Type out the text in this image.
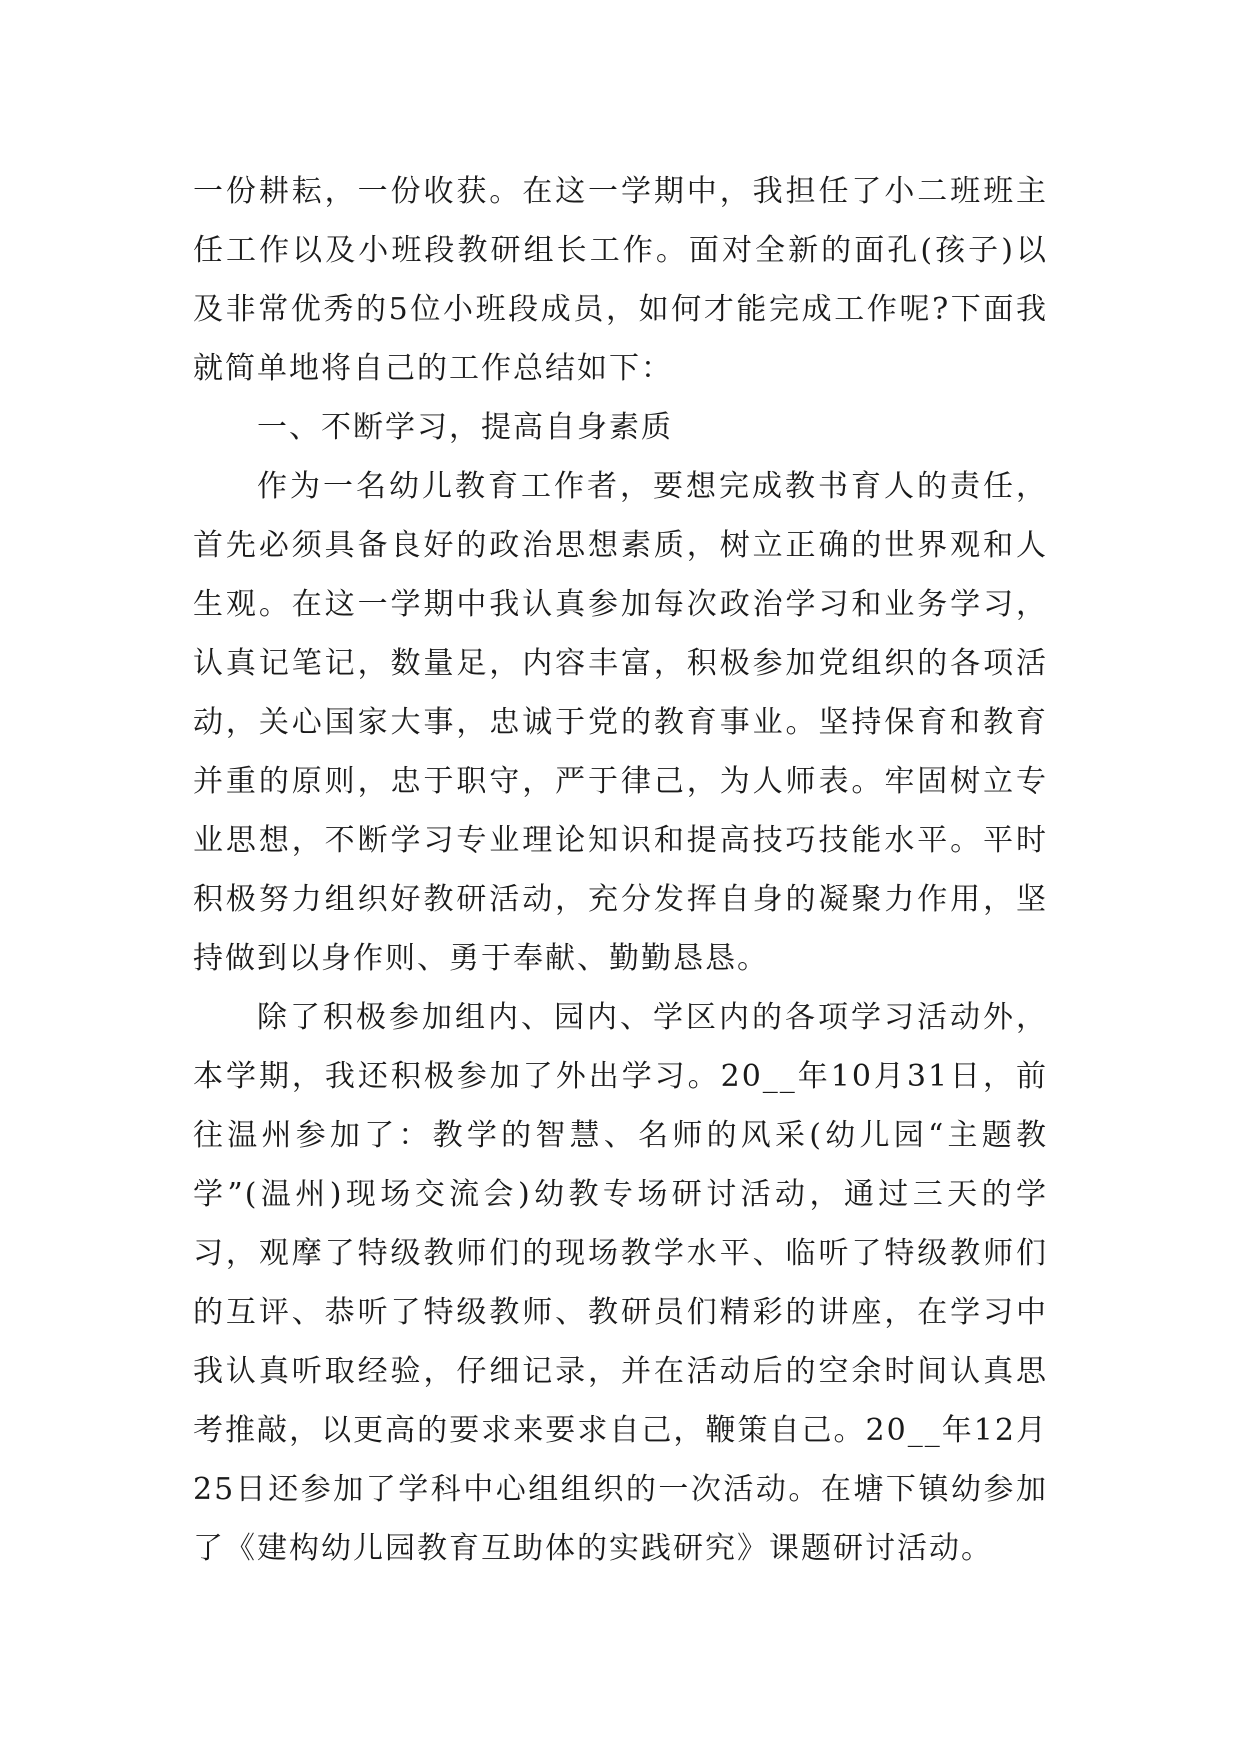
一份耕耘，一份收获。在这一学期中，我担任了小二班班主任工作以及小班段教研组长工作。面对全新的面孔(孩子)以及非常优秀的5位小班段成员，如何才能完成工作呢?下面我就简单地将自己的工作总结如下：

一、不断学习，提高自身素质

作为一名幼儿教育工作者，要想完成教书育人的责任，首先必须具备良好的政治思想素质，树立正确的世界观和人生观。在这一学期中我认真参加每次政治学习和业务学习，认真记笔记，数量足，内容丰富，积极参加党组织的各项活动，关心国家大事，忠诚于党的教育事业。坚持保育和教育并重的原则，忠于职守，严于律己，为人师表。牢固树立专业思想，不断学习专业理论知识和提高技巧技能水平。平时积极努力组织好教研活动，充分发挥自身的凝聚力作用，坚持做到以身作则、勇于奉献、勤勤恳恳。

除了积极参加组内、园内、学区内的各项学习活动外，本学期，我还积极参加了外出学习。20__年10月31日，前往温州参加了：教学的智慧、名师的风采(幼儿园“主题教学”(温州)现场交流会)幼教专场研讨活动，通过三天的学习，观摩了特级教师们的现场教学水平、临听了特级教师们的互评、恭听了特级教师、教研员们精彩的讲座，在学习中我认真听取经验，仔细记录，并在活动后的空余时间认真思考推敲，以更高的要求来要求自己，鞭策自己。20__年12月25日还参加了学科中心组组织的一次活动。在塘下镇幼参加了《建构幼儿园教育互助体的实践研究》课题研讨活动。
